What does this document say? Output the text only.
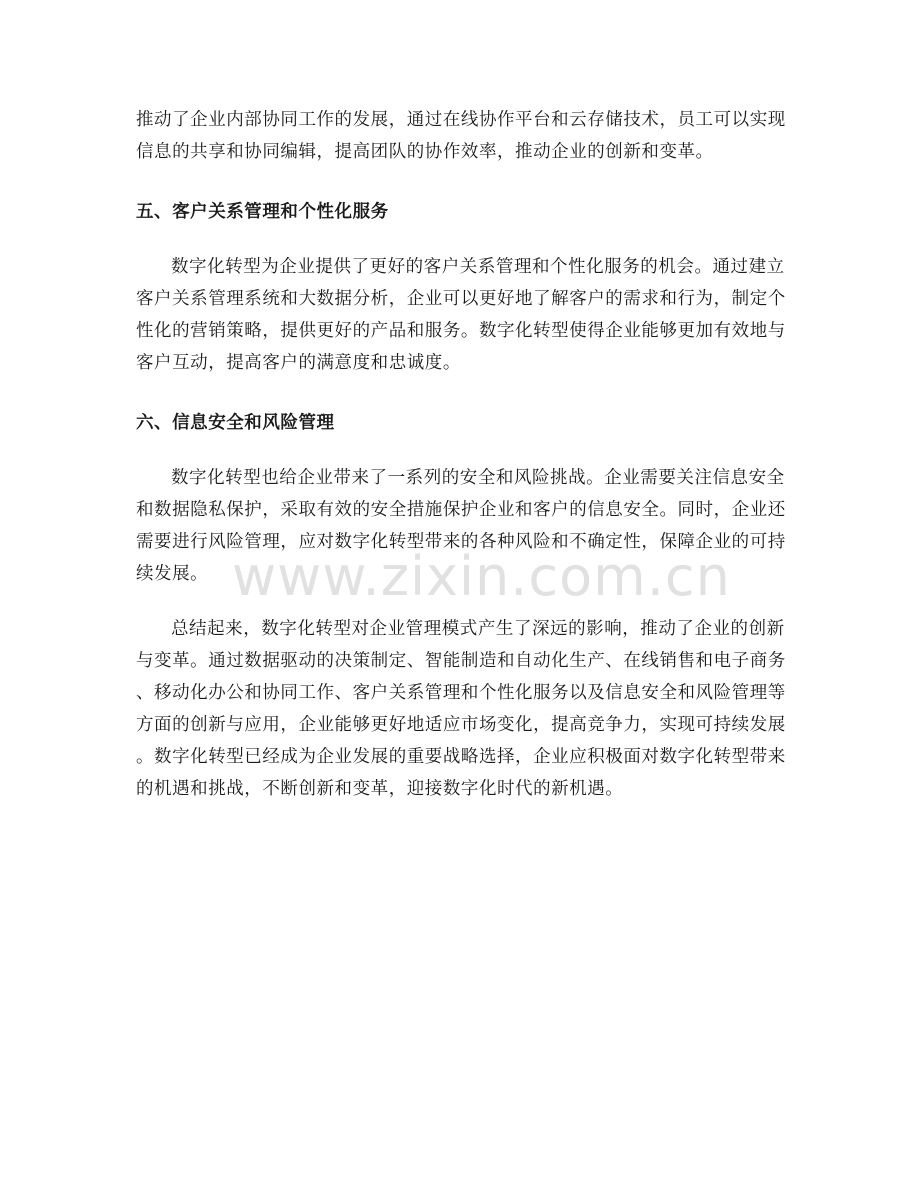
推动了企业内部协同工作的发展，通过在线协作平台和云存储技术，员工可以实现
信息的共享和协同编辑，提高团队的协作效率，推动企业的创新和变革。
五、客户关系管理和个性化服务
数字化转型为企业提供了更好的客户关系管理和个性化服务的机会。通过建立
客户关系管理系统和大数据分析，企业可以更好地了解客户的需求和行为，制定个
性化的营销策略，提供更好的产品和服务。数字化转型使得企业能够更加有效地与
客户互动，提高客户的满意度和忠诚度。
六、信息安全和风险管理
数字化转型也给企业带来了一系列的安全和风险挑战。企业需要关注信息安全
和数据隐私保护，采取有效的安全措施保护企业和客户的信息安全。同时，企业还
需要进行风险管理，应对数字化转型带来的各种风险和不确定性，保障企业的可持
续发展。
总结起来，数字化转型对企业管理模式产生了深远的影响，推动了企业的创新
与变革。通过数据驱动的决策制定、智能制造和自动化生产、在线销售和电子商务
、移动化办公和协同工作、客户关系管理和个性化服务以及信息安全和风险管理等
方面的创新与应用，企业能够更好地适应市场变化，提高竞争力，实现可持续发展
。数字化转型已经成为企业发展的重要战略选择，企业应积极面对数字化转型带来
的机遇和挑战，不断创新和变革，迎接数字化时代的新机遇。
www.zixin.com.cn
